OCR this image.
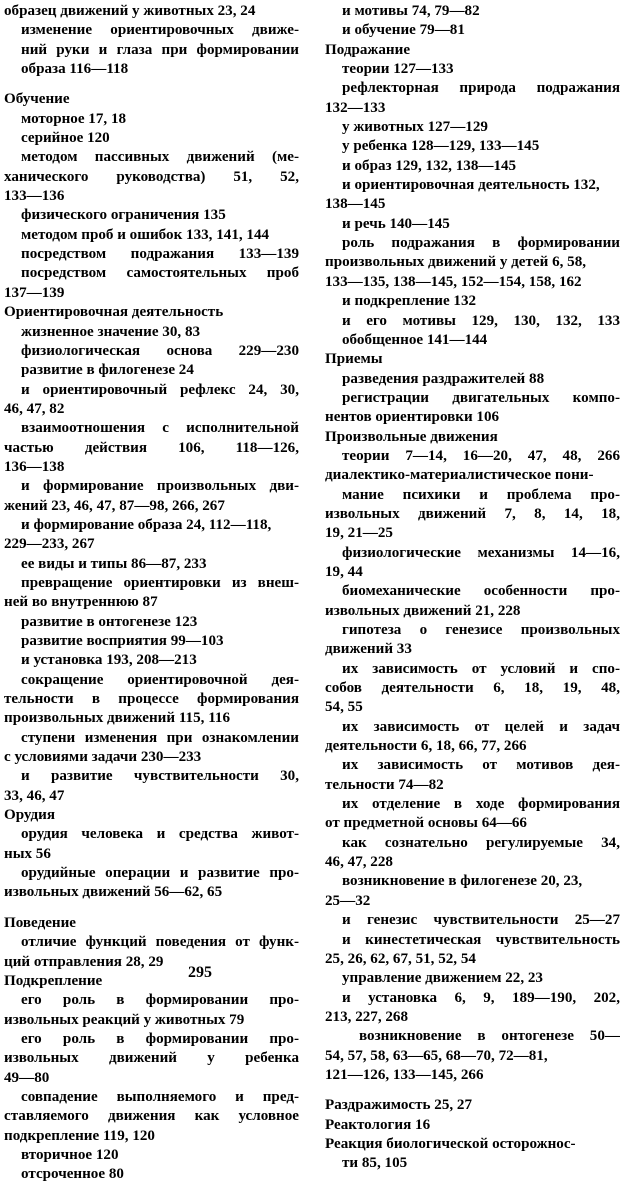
образец движений у животных 23, 24
изменение ориентировочных движе-
ний руки и глаза при формировании
образа 116—118
Обучение
моторное 17, 18
серийное 120
методом пассивных движений (ме-
ханического руководства) 51, 52,
133—136
физического ограничения 135
методом проб и ошибок 133, 141, 144
посредством подражания 133—139
посредством самостоятельных проб
137—139
Ориентировочная деятельность
жизненное значение 30, 83
физиологическая основа 229—230
развитие в филогенезе 24
и ориентировочный рефлекс 24, 30,
46, 47, 82
взаимоотношения с исполнительной
частью действия 106, 118—126,
136—138
и формирование произвольных дви-
жений 23, 46, 47, 87—98, 266, 267
и формирование образа 24, 112—118,
229—233, 267
ее виды и типы 86—87, 233
превращение ориентировки из внеш-
ней во внутреннюю 87
развитие в онтогенезе 123
развитие восприятия 99—103
и установка 193, 208—213
сокращение ориентировочной дея-
тельности в процессе формирования
произвольных движений 115, 116
ступени изменения при ознакомлении
с условиями задачи 230—233
и развитие чувствительности 30,
33, 46, 47
Орудия
орудия человека и средства живот-
ных 56
орудийные операции и развитие про-
извольных движений 56—62, 65
Поведение
отличие функций поведения от функ-
ций отправления 28, 29
Подкрепление
его роль в формировании про-
извольных реакций у животных 79
его роль в формировании про-
извольных движений у ребенка
49—80
совпадение выполняемого и пред-
ставляемого движения как условное
подкрепление 119, 120
вторичное 120
отсроченное 80
и мотивы 74, 79—82
и обучение 79—81
Подражание
теории 127—133
рефлекторная природа подражания
132—133
у животных 127—129
у ребенка 128—129, 133—145
и образ 129, 132, 138—145
и ориентировочная деятельность 132,
138—145
и речь 140—145
роль подражания в формировании
произвольных движений у детей 6, 58,
133—135, 138—145, 152—154, 158, 162
и подкрепление 132
и его мотивы 129, 130, 132, 133
обобщенное 141—144
Приемы
разведения раздражителей 88
регистрации двигательных компо-
нентов ориентировки 106
Произвольные движения
теории 7—14, 16—20, 47, 48, 266
диалектико-материалистическое пони-
мание психики и проблема про-
извольных движений 7, 8, 14, 18,
19, 21—25
физиологические механизмы 14—16,
19, 44
биомеханические особенности про-
извольных движений 21, 228
гипотеза о генезисе произвольных
движений 33
их зависимость от условий и спо-
собов деятельности 6, 18, 19, 48,
54, 55
их зависимость от целей и задач
деятельности 6, 18, 66, 77, 266
их зависимость от мотивов дея-
тельности 74—82
их отделение в ходе формирования
от предметной основы 64—66
как сознательно регулируемые 34,
46, 47, 228
возникновение в филогенезе 20, 23,
25—32
и генезис чувствительности 25—27
и кинестетическая чувствительность
25, 26, 62, 67, 51, 52, 54
управление движением 22, 23
и установка 6, 9, 189—190, 202,
213, 227, 268
возникновение в онтогенезе 50—
54, 57, 58, 63—65, 68—70, 72—81,
121—126, 133—145, 266
Раздражимость 25, 27
Реактология 16
Реакция биологической осторожнос-
ти 85, 105
295
